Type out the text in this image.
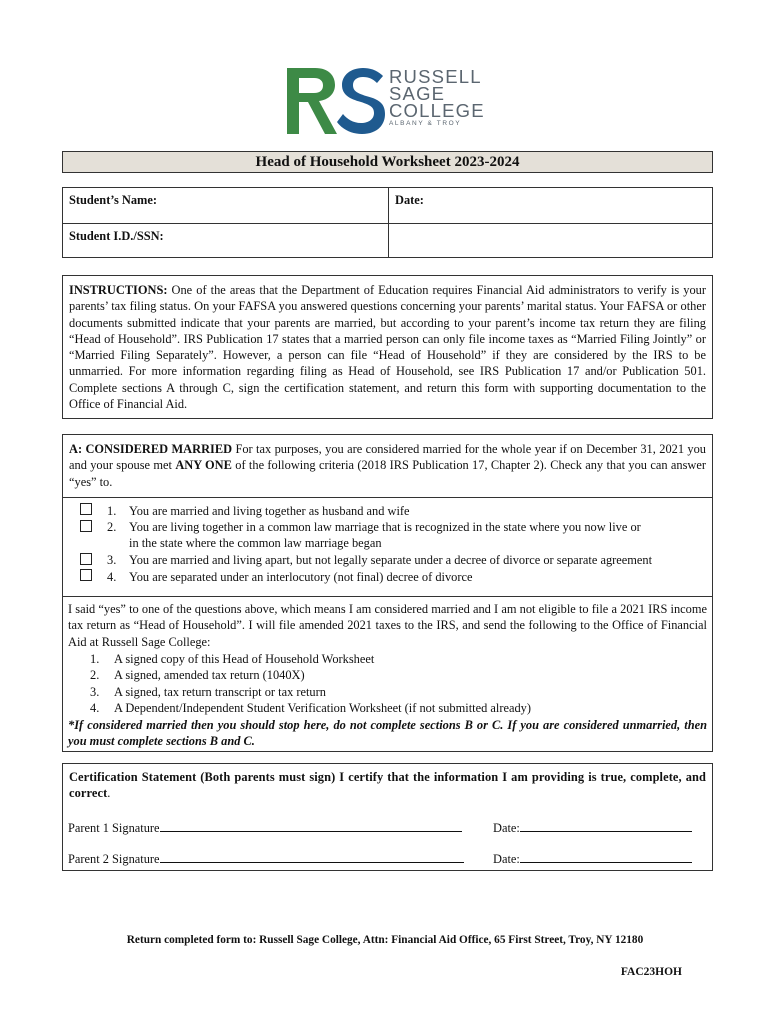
RUSSELL
SAGE
COLLEGE
ALBANY & TROY
Head of Household Worksheet 2023-2024
Student’s Name:	Date:
Student I.D./SSN:
INSTRUCTIONS: One of the areas that the Department of Education requires Financial Aid administrators to verify is your parents’ tax filing status. On your FAFSA you answered questions concerning your parents’ marital status. Your FAFSA or other documents submitted indicate that your parents are married, but according to your parent’s income tax return they are filing “Head of Household”. IRS Publication 17 states that a married person can only file income taxes as “Married Filing Jointly” or “Married Filing Separately”. However, a person can file “Head of Household” if they are considered by the IRS to be unmarried. For more information regarding filing as Head of Household, see IRS Publication 17 and/or Publication 501. Complete sections A through C, sign the certification statement, and return this form with supporting documentation to the Office of Financial Aid.
A: CONSIDERED MARRIED For tax purposes, you are considered married for the whole year if on December 31, 2021 you and your spouse met ANY ONE of the following criteria (2018 IRS Publication 17, Chapter 2). Check any that you can answer “yes” to.
1. You are married and living together as husband and wife
2. You are living together in a common law marriage that is recognized in the state where you now live or
in the state where the common law marriage began
3. You are married and living apart, but not legally separate under a decree of divorce or separate agreement
4. You are separated under an interlocutory (not final) decree of divorce
I said “yes” to one of the questions above, which means I am considered married and I am not eligible to file a 2021 IRS income tax return as “Head of Household”. I will file amended 2021 taxes to the IRS, and send the following to the Office of Financial Aid at Russell Sage College:
1. A signed copy of this Head of Household Worksheet
2. A signed, amended tax return (1040X)
3. A signed, tax return transcript or tax return
4. A Dependent/Independent Student Verification Worksheet (if not submitted already)
*If considered married then you should stop here, do not complete sections B or C. If you are considered unmarried, then you must complete sections B and C.
Certification Statement (Both parents must sign) I certify that the information I am providing is true, complete, and correct.
Parent 1 Signature	Date:
Parent 2 Signature	Date:
Return completed form to: Russell Sage College, Attn: Financial Aid Office, 65 First Street, Troy, NY 12180
FAC23HOH
